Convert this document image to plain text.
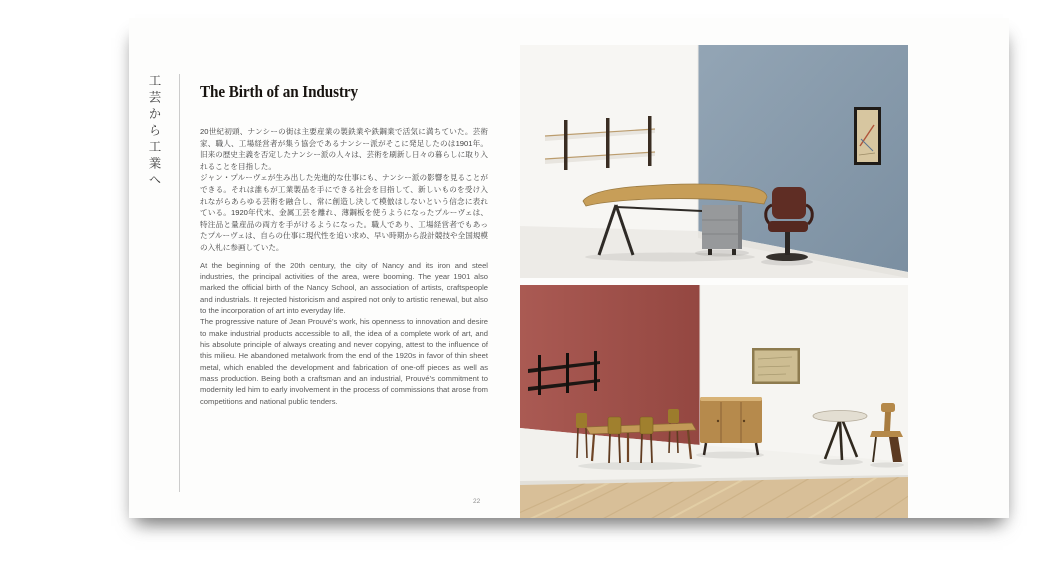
工芸から工業へ The Birth of an Industry

20世紀初頭、ナンシーの街は主要産業の製鉄業や鉄鋼業で活気に満ちていた。芸術家、職人、工場経営者が集う協会であるナンシー派がそこに発足したのは1901年。旧来の歴史主義を否定したナンシー派の人々は、芸術を刷新し日々の暮らしに取り入れることを目指した。

ジャン・プルーヴェが生み出した先進的な仕事にも、ナンシー派の影響を見ることができる。それは誰もが工業製品を手にできる社会を目指して、新しいものを受け入れながらあらゆる芸術を融合し、常に創造し決して模倣はしないという信念に表れている。1920年代末、金属工芸を離れ、薄鋼板を使うようになったプルーヴェは、特注品と量産品の両方を手がけるようになった。職人であり、工場経営者でもあったプルーヴェは、自らの仕事に現代性を追い求め、早い時期から設計競技や全国規模の入札に参画していた。

At the beginning of the 20th century, the city of Nancy and its iron and steel industries, the principal activities of the area, were booming. The year 1901 also marked the official birth of the Nancy School, an association of artists, craftspeople and industrials. It rejected historicism and aspired not only to artistic renewal, but also to the incorporation of art into everyday life.

The progressive nature of Jean Prouvé’s work, his openness to innovation and desire to make industrial products accessible to all, the idea of a complete work of art, and his absolute principle of always creating and never copying, attest to the influence of this milieu. He abandoned metalwork from the end of the 1920s in favor of thin sheet metal, which enabled the development and fabrication of one-off pieces as well as mass production. Being both a craftsman and an industrial, Prouvé’s commitment to modernity led him to early involvement in the process of commissions that arose from competitions and national public tenders.

22
